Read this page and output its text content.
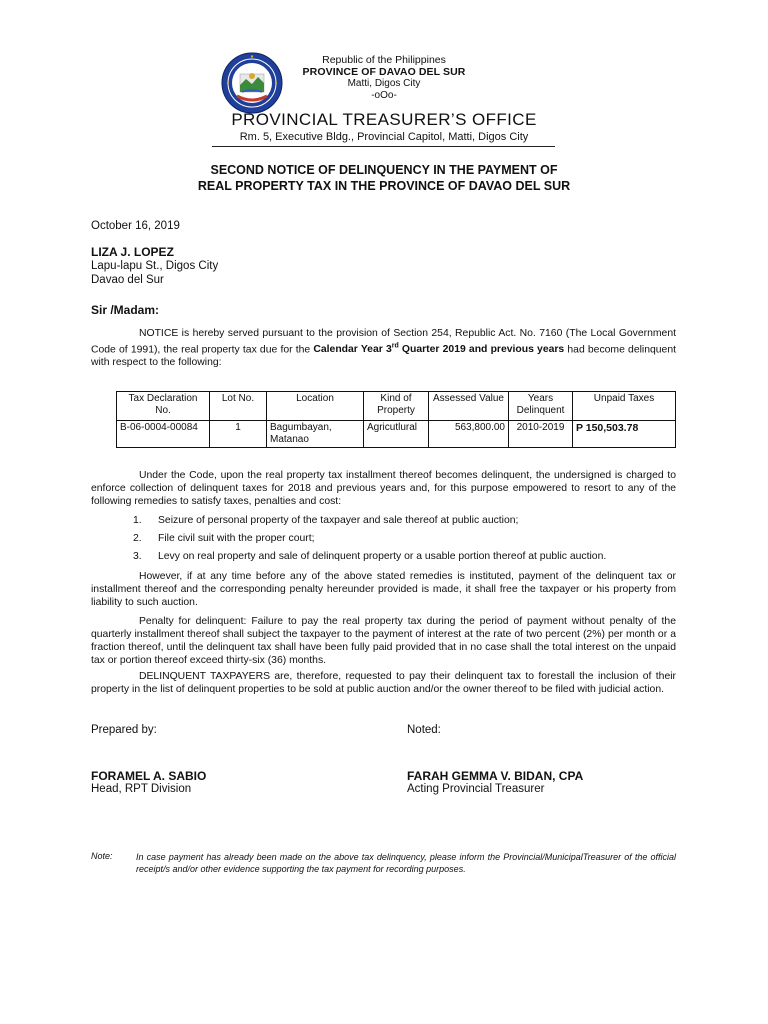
Republic of the Philippines
PROVINCE OF DAVAO DEL SUR
Matti, Digos City
-oOo-
PROVINCIAL TREASURER’S OFFICE
Rm. 5, Executive Bldg., Provincial Capitol, Matti, Digos City
SECOND NOTICE OF DELINQUENCY IN THE PAYMENT OF
REAL PROPERTY TAX IN THE PROVINCE OF DAVAO DEL SUR
October 16, 2019
LIZA J. LOPEZ
Lapu-lapu St., Digos City
Davao del Sur
Sir /Madam:
NOTICE is hereby served pursuant to the provision of Section 254, Republic Act. No. 7160 (The Local Government Code of 1991), the real property tax due for the Calendar Year 3rd Quarter 2019 and previous years had become delinquent with respect to the following:
Tax Declaration No.	Lot No.	Location	Kind of Property	Assessed Value	Years Delinquent	Unpaid Taxes
B-06-0004-00084	1	Bagumbayan, Matanao	Agricutlural	563,800.00	2010-2019	P 150,503.78
Under the Code, upon the real property tax installment thereof becomes delinquent, the undersigned is charged to enforce collection of delinquent taxes for 2018 and previous years and, for this purpose empowered to resort to any of the following remedies to satisfy taxes, penalties and cost:
1. Seizure of personal property of the taxpayer and sale thereof at public auction;
2. File civil suit with the proper court;
3. Levy on real property and sale of delinquent property or a usable portion thereof at public auction.
However, if at any time before any of the above stated remedies is instituted, payment of the delinquent tax or installment thereof and the corresponding penalty hereunder provided is made, it shall free the taxpayer or his property from liability to such auction.
Penalty for delinquent: Failure to pay the real property tax during the period of payment without penalty of the quarterly installment thereof shall subject the taxpayer to the payment of interest at the rate of two percent (2%) per month or a fraction thereof, until the delinquent tax shall have been fully paid provided that in no case shall the total interest on the unpaid tax or portion thereof exceed thirty-six (36) months.
DELINQUENT TAXPAYERS are, therefore, requested to pay their delinquent tax to forestall the inclusion of their property in the list of delinquent properties to be sold at public auction and/or the owner thereof to be filed with judicial action.
Prepared by:	Noted:
FORAMEL A. SABIO	FARAH GEMMA V. BIDAN, CPA
Head, RPT Division	Acting Provincial Treasurer
Note:	In case payment has already been made on the above tax delinquency, please inform the Provincial/MunicipalTreasurer of the official receipt/s and/or other evidence supporting the tax payment for recording purposes.
